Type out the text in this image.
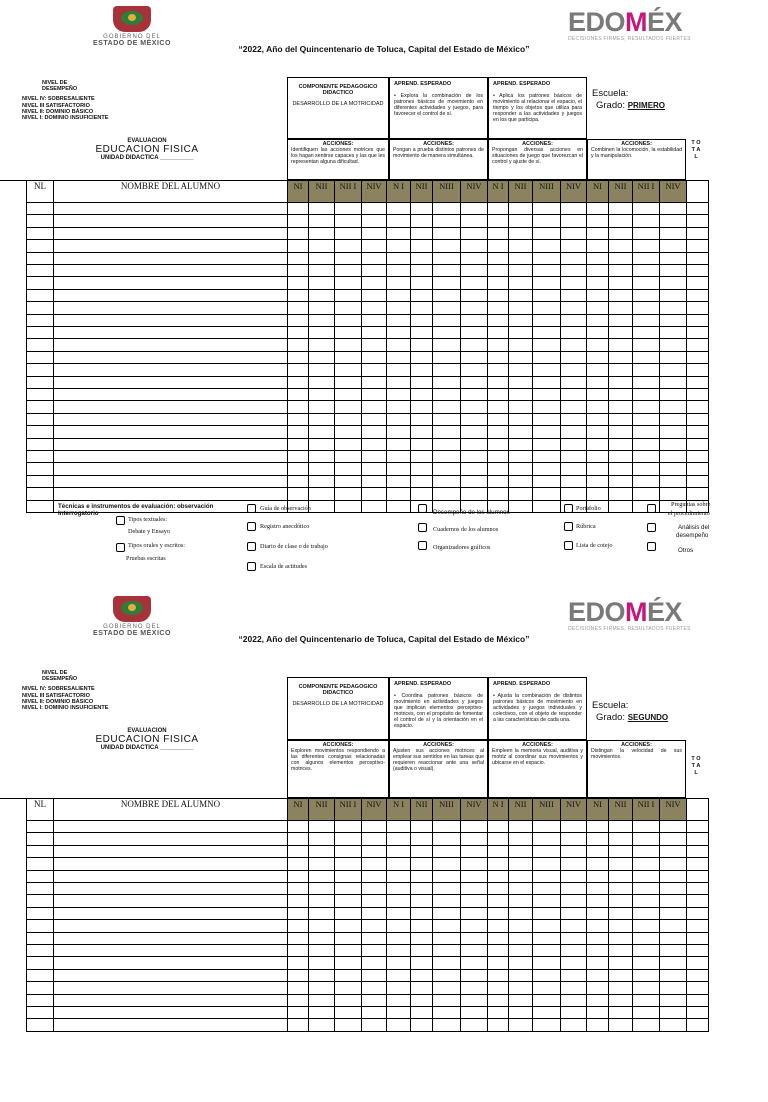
GOBIERNO DEL
ESTADO DE MÉXICO
EDOMÉX
DECISIONES FIRMES, RESULTADOS FUERTES
“2022, Año del Quincentenario de Toluca, Capital del Estado de México”
NIVEL DE
DESEMPEÑO
NIVEL IV: SOBRESALIENTE
NIVEL III SATISFACTORIO
NIVEL II: DOMINIO BÁSICO
NIVEL I: DOMINIO INSUFICIENTE
EVALUACION
EDUCACION FISICA
UNIDAD DIDACTICA __________
COMPONENTE PEDAGOGICO DIDACTICO
DESARROLLO DE LA MOTRICIDAD
APREND. ESPERADO
• Explora la combinación de los patrones básicos de movimiento en diferentes actividades y juegos, para favorecer el control de sí.
APREND. ESPERADO
• Aplica los patrones básicos de movimiento al relacionar el espacio, el tiempo y los objetos que utiliza para responder a las actividades y juegos en los que participa.
Escuela:
Grado: PRIMERO
ACCIONES:
Identifiquen las acciones motrices que los hagan sentirse capaces y las que les representan alguna dificultad.
ACCIONES:
Pongan a prueba distintos patrones de movimiento de manera simultánea.
ACCIONES:
Propongan diversas acciones en situaciones de juego que favorezcan el control y ajuste de sí.
ACCIONES:
Combinen la locomoción, la estabilidad y la manipulación.
T O T A L
NL	NOMBRE DEL ALUMNO	NI	NII	NII I	NIV	N I	NII	NIII	NIV	N I	NII	NIII	NIV	NI	NII	NII I	NIV
Técnicas e instrumentos de evaluación: observación
Interrogatorio
Tipos textuales:
Debate y Ensayo
Tipos orales y escritos:
Pruebas escritas
Guía de observación
Registro anecdótico
Diario de clase o de trabajo
Escala de actitudes
Desempeño de los alumnos
Cuadernos de los alumnos
Organizadores gráficos
Portafolio
Rúbrica
Lista de cotejo
Preguntas sobre
el procedimiento
Análisis del
desempeño
Otros
GOBIERNO DEL
ESTADO DE MÉXICO
EDOMÉX
DECISIONES FIRMES, RESULTADOS FUERTES
“2022, Año del Quincentenario de Toluca, Capital del Estado de México”
NIVEL DE
DESEMPEÑO
NIVEL IV: SOBRESALIENTE
NIVEL III SATISFACTORIO
NIVEL II: DOMINIO BÁSICO
NIVEL I: DOMINIO INSUFICIENTE
EVALUACION
EDUCACION FISICA
UNIDAD DIDACTICA __________
COMPONENTE PEDAGOGICO DIDACTICO
DESARROLLO DE LA MOTRICIDAD
APREND. ESPERADO
• Coordina patrones básicos de movimiento en actividades y juegos que implican elementos perceptivo-motrices, con el propósito de fomentar el control de sí y la orientación en el espacio.
APREND. ESPERADO
• Ajusta la combinación de distintos patrones básicos de movimiento en actividades y juegos individuales y colectivos, con el objeto de responder a las características de cada una.
Escuela:
Grado: SEGUNDO
ACCIONES:
Exploren movimientos respondiendo a las diferentes consignas relacionadas con algunos elementos perceptivo-motrices.
ACCIONES:
Ajusten sus acciones motrices al emplear sus sentidos en las tareas que requieren reaccionar ante una señal (auditiva o visual).
ACCIONES:
Empleen la memoria visual, auditiva y motriz al coordinar sus movimientos y ubicarse en el espacio.
ACCIONES:
Distingan la velocidad de sus movimientos.	T O T A L
NL	NOMBRE DEL ALUMNO	NI	NII	NII I	NIV	N I	NII	NIII	NIV	N I	NII	NIII	NIV	NI	NII	NII I	NIV
